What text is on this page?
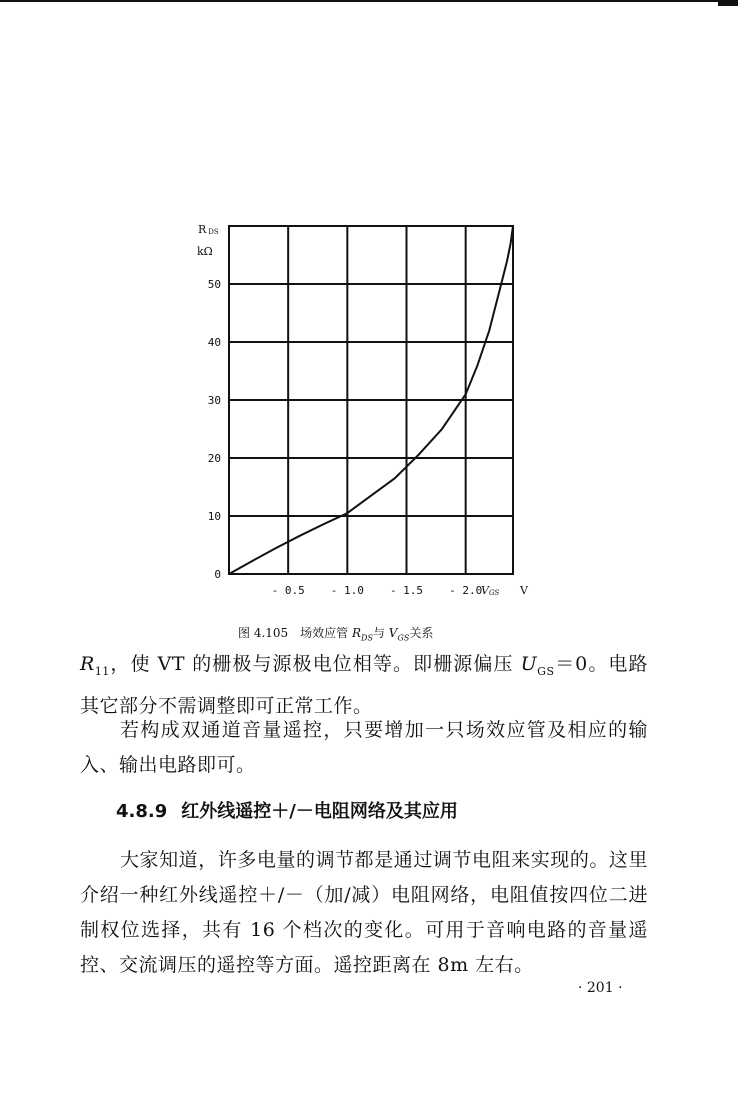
0
10
20
30
40
50
- 0.5 - 1.0 - 1.5 - 2.0
RDS
kΩ
VGS V
图 4.105　场效应管 $R_{DS}$与 $V_{GS}$关系
$R_{11}$，使 VT 的栅极与源极电位相等。即栅源偏压 $U_{GS}=0$。电路其它部分不需调整即可正常工作。
若构成双通道音量遥控，只要增加一只场效应管及相应的输入、输出电路即可。
4.8.9 红外线遥控＋/－电阻网络及其应用
大家知道，许多电量的调节都是通过调节电阻来实现的。这里介绍一种红外线遥控＋/－（加/减）电阻网络，电阻值按四位二进制权位选择，共有 16 个档次的变化。可用于音响电路的音量遥控、交流调压的遥控等方面。遥控距离在 8m 左右。
· 201 ·
